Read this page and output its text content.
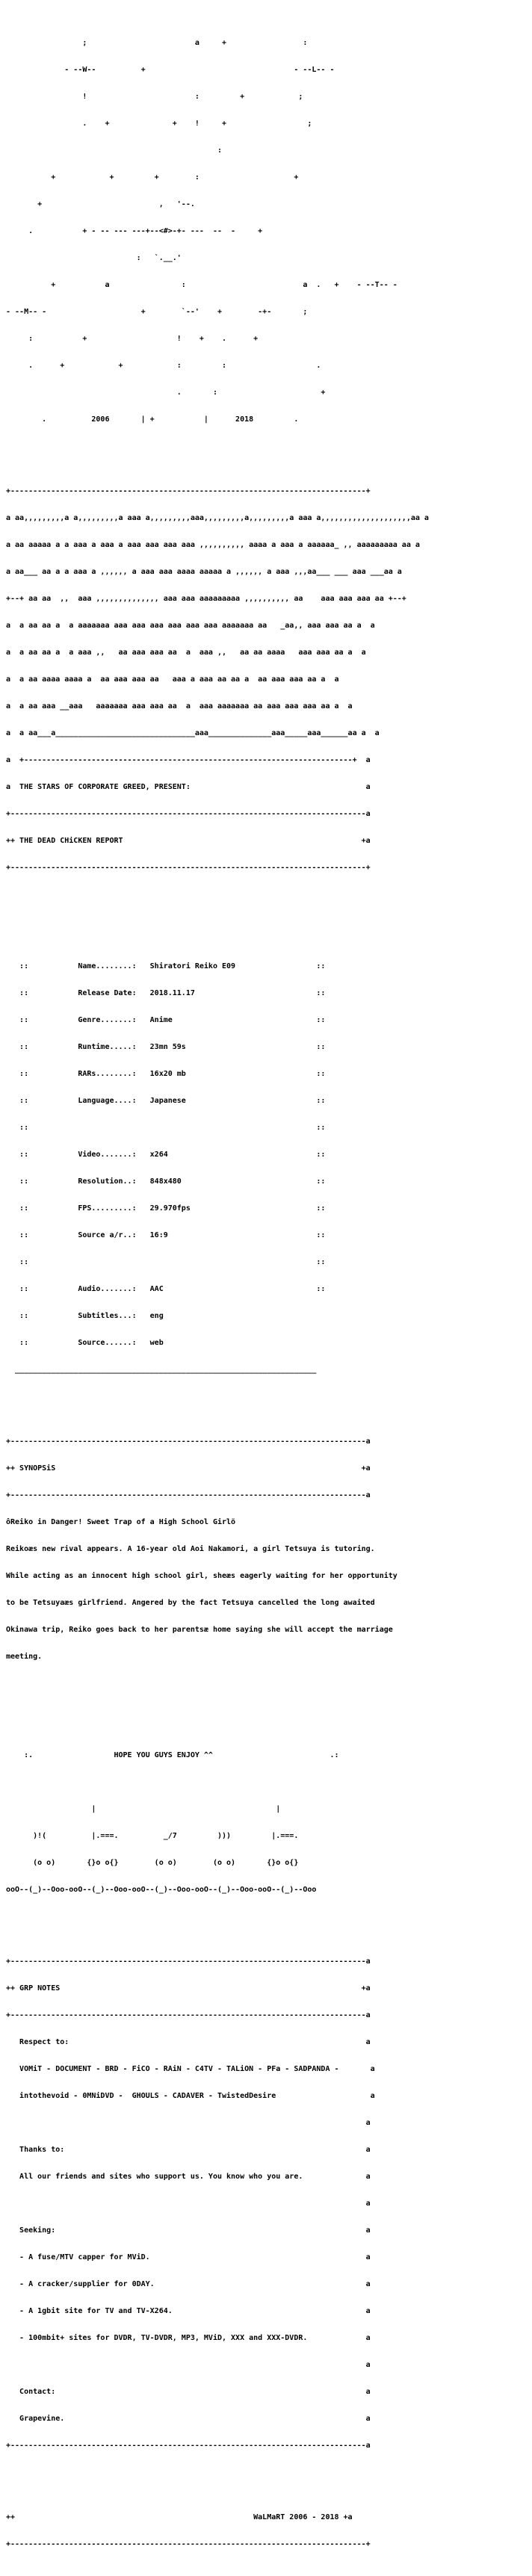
;                        a     +                 :

- --W--          +                                 - --L-- -

!                        :         +            ;

.    +              +    !     +                  ;

:

+            +         +        :                     +

+                          ,   '--.

.           + - -- --- ---+--<#>-+- ---  --  -     +

:   `.__.'

+           a                :                          a  .   +    - --T-- -

- --M-- -                     +        `--'    +        -+-       ;

:           +                    !    +    .      +

.      +            +            :         :                    .

.       :                       +

.          2006       | +           |      2018         .

+-------------------------------------------------------------------------------+

a aa,,,,,,,,,a a,,,,,,,,,a aaa a,,,,,,,,,aaa,,,,,,,,,a,,,,,,,,,a aaa a,,,,,,,,,,,,,,,,,,,,aa a

a aa aaaaa a a aaa a aaa a aaa aaa aaa aaa ,,,,,,,,,, aaaa a aaa a aaaaaa_ ,, aaaaaaaaa aa a

a aa___ aa a a aaa a ,,,,,, a aaa aaa aaaa aaaaa a ,,,,,, a aaa ,,,aa___ ___ aaa ___aa a

+--+ aa aa  ,,  aaa ,,,,,,,,,,,,,, aaa aaa aaaaaaaaa ,,,,,,,,,, aa    aaa aaa aaa aa +--+

a  a aa aa a  a aaaaaaa aaa aaa aaa aaa aaa aaa aaaaaaa aa   _aa,, aaa aaa aa a  a

a  a aa aa a  a aaa ,,   aa aaa aaa aa  a  aaa ,,   aa aa aaaa   aaa aaa aa a  a

a  a aa aaaa aaaa a  aa aaa aaa aa   aaa a aaa aa aa a  aa aaa aaa aa a  a

a  a aa aaa __aaa   aaaaaaa aaa aaa aa  a  aaa aaaaaaa aa aaa aaa aaa aa a  a

a  a aa___a_______________________________aaa______________aaa_____aaa______aa a  a

a  +-------------------------------------------------------------------------+  a

a  THE STARS OF CORPORATE GREED, PRESENT:                                       a

+-------------------------------------------------------------------------------a

++ THE DEAD CHiCKEN REPORT                                                     +a

+-------------------------------------------------------------------------------+

::           Name........:   Shiratori Reiko E09                  ::

::           Release Date:   2018.11.17                           ::

::           Genre.......:   Anime                                ::

::           Runtime.....:   23mn 59s                             ::

::           RARs........:   16x20 mb                             ::

::           Language....:   Japanese                             ::

::                                                                ::

::           Video.......:   x264                                 ::

::           Resolution..:   848x480                              ::

::           FPS.........:   29.970fps                            ::

::           Source a/r..:   16:9                                 ::

::                                                                ::

::           Audio.......:   AAC                                  ::

::           Subtitles...:   eng

::           Source......:   web

___________________________________________________________________

+-------------------------------------------------------------------------------a

++ SYNOPSiS                                                                    +a

+-------------------------------------------------------------------------------a

ôReiko in Danger! Sweet Trap of a High School Girlö

Reikoæs new rival appears. A 16-year old Aoi Nakamori, a girl Tetsuya is tutoring.

While acting as an innocent high school girl, sheæs eagerly waiting for her opportunity

to be Tetsuyaæs girlfriend. Angered by the fact Tetsuya cancelled the long awaited

Okinawa trip, Reiko goes back to her parentsæ home saying she will accept the marriage

meeting.

:.                  HOPE YOU GUYS ENJOY ^^                          .:

|                                        |

)!(          |.===.          _/7         )))         |.===.

(o o)       {}o o{}        (o o)        (o o)       {}o o{}

ooO--(_)--Ooo-ooO--(_)--Ooo-ooO--(_)--Ooo-ooO--(_)--Ooo-ooO--(_)--Ooo

+-------------------------------------------------------------------------------a

++ GRP NOTES                                                                   +a

+-------------------------------------------------------------------------------a

Respect to:                                                                  a

VOMiT - DOCUMENT - BRD - FiCO - RAiN - C4TV - TALiON - PFa - SADPANDA -       a

intothevoid - 0MNiDVD -  GHOULS - CADAVER - TwistedDesire                     a

a

Thanks to:                                                                   a

All our friends and sites who support us. You know who you are.              a

a

Seeking:                                                                     a

- A fuse/MTV capper for MViD.                                                a

- A cracker/supplier for 0DAY.                                               a

- A 1gbit site for TV and TV-X264.                                           a

- 100mbit+ sites for DVDR, TV-DVDR, MP3, MViD, XXX and XXX-DVDR.             a

a

Contact:                                                                     a

Grapevine.                                                                   a

+-------------------------------------------------------------------------------a

++                                                     WaLMaRT 2006 - 2018 +a

+-------------------------------------------------------------------------------+
